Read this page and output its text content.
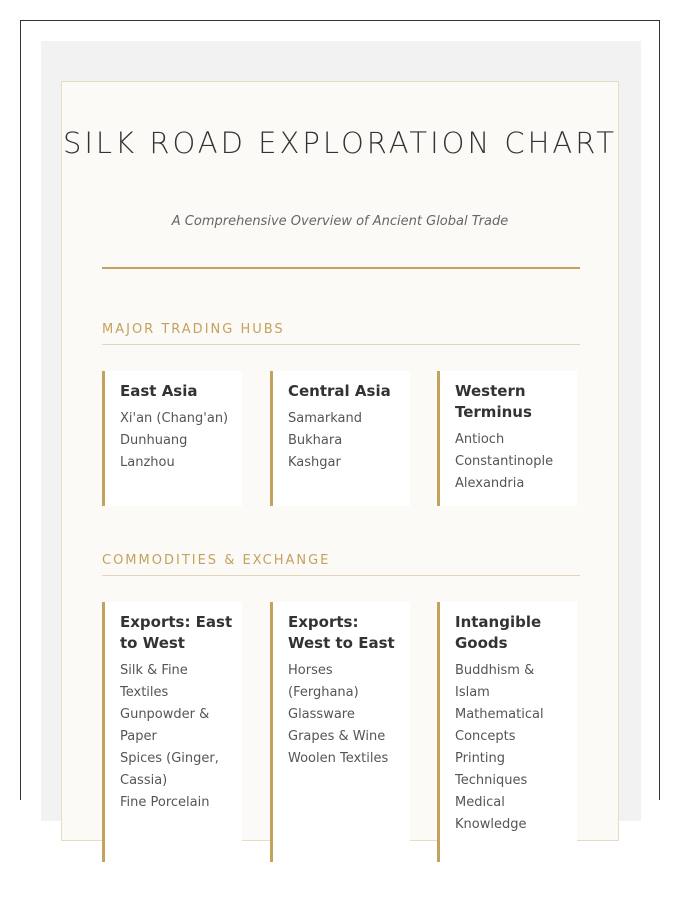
SILK ROAD EXPLORATION CHART

A Comprehensive Overview of Ancient Global Trade

MAJOR TRADING HUBS
East Asia
Xi'an (Chang'an)
Dunhuang
Lanzhou
Central Asia
Samarkand
Bukhara
Kashgar
Western Terminus
Antioch
Constantinople
Alexandria
COMMODITIES & EXCHANGE
Exports: East to West
Silk & Fine Textiles
Gunpowder & Paper
Spices (Ginger, Cassia)
Fine Porcelain
Exports: West to East
Horses (Ferghana)
Glassware
Grapes & Wine
Woolen Textiles
Intangible Goods
Buddhism & Islam
Mathematical Concepts
Printing Techniques
Medical Knowledge
